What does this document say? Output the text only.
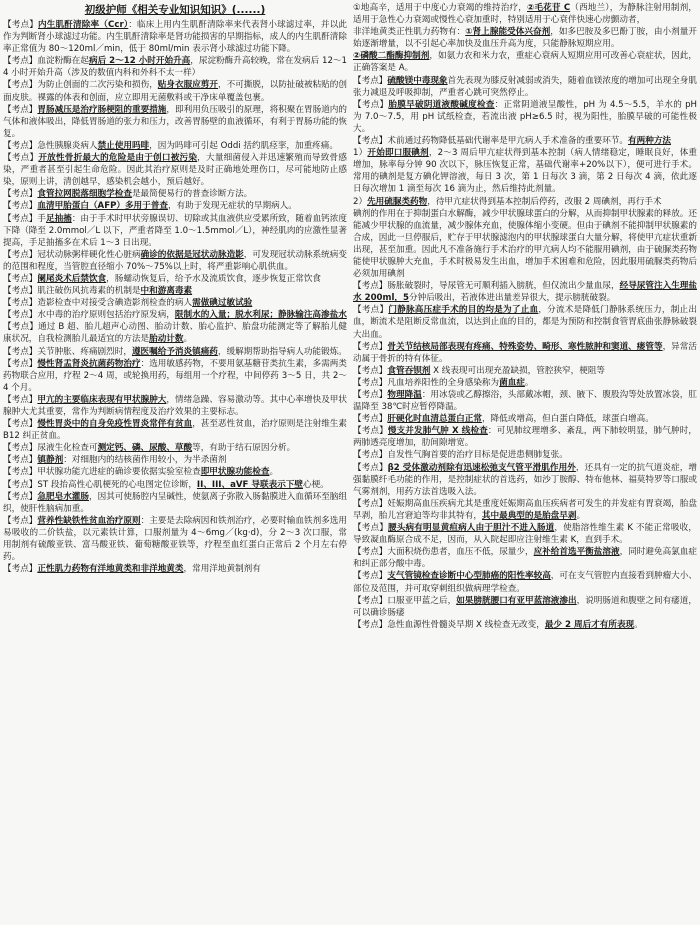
初级护师《相关专业知识知识》(......)

【考点】内生肌酐清除率（Ccr）：临床上用内生肌酐清除率来代表肾小球滤过率，并以此作为判断肾小球滤过功能。内生肌酐清除率是肾功能损害的早期指标，成人的内生肌酐清除率正常值为 80～120ml／min，低于 80ml/min 表示肾小球滤过功能下降。

【考点】血淀粉酶在起病后 2～12 小时开始升高，尿淀粉酶升高较晚，常在发病后 12～14 小时开始升高（涉及的数值内科和外科不太一样）

【考点】为防止创面的二次污染和损伤，贴身衣服应剪开，不可撕脱，以防扯破被粘贴的创面皮肤。裸露的体表和创面，应立即用无菌敷料或干净床单覆盖包裹。

【考点】胃肠减压是治疗肠梗阻的重要措施，即利用负压吸引的原理，将积聚在胃肠道内的气体和液体吸出，降低胃肠道的张力和压力，改善胃肠壁的血液循环，有利于胃肠功能的恢复。

【考点】急性胰腺炎病人禁止使用吗啡，因为吗啡可引起 Oddi 括约肌痉挛，加重疼痛。

【考点】开放性骨折最大的危险是由于创口被污染，大量细菌侵入并迅速繁殖而导致骨感染，严重者甚至引起生命危险。因此其治疗原则是及时正确地处理伤口，尽可能地防止感染，原则上讲，清创越早，感染机会越小，预后越好。

【考点】食管拉网脱落细胞学检查是最简便易行的普查诊断方法。

【考点】血清甲胎蛋白（AFP）多用于普查，有助于发现无症状的早期病人。

【考点】手足抽搐：由于手术时甲状旁腺误切、切除或其血液供应受累所致，随着血钙浓度下降（降至 2.0mmol／L 以下，严重者降至 1.0～1.5mmol／L），神经肌肉的应激性显著提高，手足抽搐多在术后 1～3 日出现。

【考点】冠状动脉粥样硬化性心脏病确诊的依据是冠状动脉造影，可发现冠状动脉系统病变的范围和程度，当管腔直径缩小 70%～75%以上时，将严重影响心肌供血。

【考点】阑尾炎术后禁饮食，肠蠕动恢复后，给予水及流质饮食，逐步恢复正常饮食

【考点】肌注破伤风抗毒素的机制是中和游离毒素

【考点】造影检查中对接受含碘造影剂检查的病人需做碘过敏试验

【考点】水中毒的治疗原则包括治疗原发病，限制水的入量；脱水利尿；静脉输注高渗盐水

【考点】通过 B 超、胎儿超声心动图、胎动计数、胎心监护、胎盘功能测定等了解胎儿健康状况，自我检测胎儿最适宜的方法是胎动计数。

【考点】关节肿胀、疼痛剧烈时，遵医嘱给予消炎镇痛药，缓解期帮助指导病人功能锻炼。

【考点】慢性肾盂肾炎抗菌药物治疗：选用敏感药物，不要用氨基糖苷类抗生素，多需两类药物联合应用，疗程 2～4 周，或轮换用药，每组用一个疗程，中间停药 3～5 日，共 2～4 个月。

【考点】甲亢的主要临床表现有甲状腺肿大，情绪急躁、容易激动等。其中心率增快及甲状腺肿大尤其重要，常作为判断病情程度及治疗效果的主要标志。

【考点】慢性胃炎中的自身免疫性胃炎常伴有贫血，甚至恶性贫血，治疗原则是注射维生素 B12 纠正贫血。

【考点】尿液生化检查可测定钙、磷、尿酸、草酸等，有助于结石原因分析。

【考点】镇静剂：对细胞内的结核菌作用较小，为半杀菌剂

【考点】甲状腺功能亢进症的确诊要依据实验室检查即甲状腺功能检查。

【考点】ST 段抬高性心肌梗死的心电图定位诊断，II、III、aVF 导联表示下壁心梗。

【考点】急肥皂水灌肠，因其可使肠腔内呈碱性，使氨离子弥散入肠黏膜进入血循环至脑组织，使肝性脑病加重。

【考点】营养性缺铁性贫血治疗原则：主要是去除病因和铁剂治疗，必要时输血铁剂多选用易吸收的二价铁盐，以元素铁计算，口服剂量为 4～6mg／(kg·d)，分 2～3 次口服，常用制剂有硫酸亚铁、富马酸亚铁、葡萄糖酸亚铁等，疗程至血红蛋白正常后 2 个月左右停药。

【考点】正性肌力药物有洋地黄类和非洋地黄类，常用洋地黄制剂有

①地高辛，适用于中度心力衰竭的维持治疗，②毛花苷 C（西地兰），为静脉注射用制剂，适用于急性心力衰竭或慢性心衰加重时，特别适用于心衰伴快速心房颤动者，

非洋地黄类正性肌力药物有：①肾上腺能受体兴奋剂，如多巴胺及多巴酚丁胺，由小剂量开始逐渐增量，以不引起心率加快及血压升高为度，只能静脉短期应用。

②磷酸二酯酶抑制剂，如氨力农和米力农，重症心衰病人短期应用可改善心衰症状，因此，正确答案是 A。

【考点】硫酸镁中毒现象首先表现为膝反射减弱或消失，随着血镁浓度的增加可出现全身肌张力减退及呼吸抑制，严重者心跳可突然停止。

【考点】胎膜早破阴道液酸碱度检查：正常阴道液呈酸性，pH 为 4.5～5.5，羊水的 pH 为 7.0～7.5，用 pH 试纸检查，若流出液 pH≥6.5 时，视为阳性，胎膜早破的可能性极大。

【考点】术前通过药物降低基础代谢率是甲亢病人手术准备的重要环节。有两种方法

1）开始即口服碘剂，2～3 周后甲亢症状得到基本控制（病人情绪稳定，睡眠良好，体重增加，脉率每分钟 90 次以下，脉压恢复正常，基础代谢率+20%以下），便可进行手术。常用的碘剂是复方碘化钾溶液，每日 3 次，第 1 日每次 3 滴，第 2 日每次 4 滴，依此逐日每次增加 1 滴至每次 16 滴为止，然后维持此剂量。

2）先用硫脲类药物，待甲亢症状得到基本控制后停药，改服 2 周碘剂，再行手术

碘剂的作用在于抑制蛋白水解酶，减少甲状腺球蛋白的分解，从而抑制甲状腺素的释放。还能减少甲状腺的血流量，减少腺体充血，使腺体缩小变硬。但由于碘剂不能抑制甲状腺素的合成，因此一旦停服后，贮存于甲状腺滤泡内的甲状腺球蛋白大量分解，将使甲亢症状重新出现，甚至加重。因此凡不准备施行手术治疗的甲亢病人均不能服用碘剂，由于硫脲类药物能使甲状腺肿大充血，手术时极易发生出血，增加手术困难和危险，因此服用硫脲类药物后必须加用碘剂

【考点】肠胀破裂时，导尿管无可顺利插入膀胱，但仅流出少量血尿，经导尿管注入生理盐水 200ml，5分钟后吸出，若液体进出量差异很大，提示膀胱破裂。

【考点】门静脉高压症手术的目的均是为了止血，分流术是降低门静脉系统压力，制止出血，断流术是阻断反常血流，以达到止血的目的，都是为预防和控制食管胃底曲张静脉破裂大出血。

【考点】骨关节结核局部表现有疼痛、特殊姿势、畸形、寒性脓肿和窦道、瘘管等，异常活动属于骨折的特有体征。

【考点】食管吞钡剂 X 线表现可出现充盈缺损，管腔狭窄，梗阻等

【考点】凡血培养阳性的全身感染称为菌血症。

【考点】物理降温：用冰袋或乙醇擦浴，头部戴冰帽，颈、腋下、腹股沟等处放置冰袋，肛温降至 38℃时应暂停降温。

【考点】肝硬化时血清总蛋白正常，降低或增高，但白蛋白降低，球蛋白增高。

【考点】慢支并发肺气肿 X 线检查：可见肺纹理增多、紊乱，两下肺较明显，肺气肿时，两肺透亮度增加，肋间隙增宽。

【考点】自发性气胸首要的治疗目标是促进患侧肺复张。

【考点】β2 受体激动剂除有迅速松弛支气管平滑肌作用外，还具有一定的抗气道炎症，增强黏膜纤毛功能的作用，是控制症状的首选药，如沙丁胺醇、特布他林、福莫特罗等口服或气雾剂剂，用药方法首选吸入法。

【考点】妊娠期高血压疾病尤其是重度妊娠期高血压疾病者可发生的并发症有胃衰竭，胎盘早剥，胎儿宫窘迫等均非其特有，其中最典型的是胎盘早剥。

【考点】腰头病有明显黄疸病人由于胆汁不进入肠道，使脂溶性维生素 K 不能正常吸收，导致凝血酶原合成不足，因而，从入院起即应注射维生素 K，直到手术。

【考点】大面积烧伤患者，血压不低，尿量少，应补给首选平衡盐溶液，同时避免高氯血症和纠正部分酸中毒。

【考点】支气管镜检查诊断中心型肺癌的阳性率较高，可在支气管腔内直接看到肿瘤大小、部位及范围，并可取穿刺组织做病理学检查。

【考点】口服亚甲蓝之后，如果膀胱腰口有亚甲蓝溶液渗出，说明肠道和腹壁之间有痿道，可以确诊肠痿

【考点】急性血源性骨髓炎早期 X 线检查无改变，最少 2 周后才有所表现。
